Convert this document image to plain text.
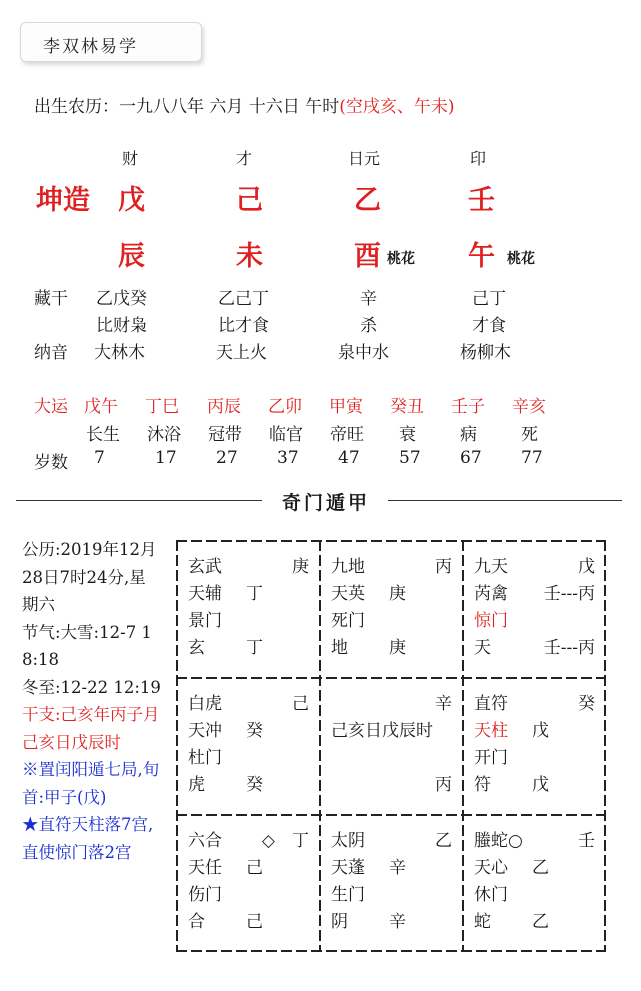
李双林易学
出生农历：一九八八年 六月 十六日 午时(空戌亥、午未)
财	才	日元	印
坤造 戊	己	乙	壬
辰	未	酉 桃花 午 桃花
藏干 乙戊癸	乙己丁	辛	己丁
比财枭	比才食	杀	才食
纳音 大林木	天上火	泉中水	杨柳木
大运 戊午 丁巳 丙辰 乙卯 甲寅 癸丑 壬子 辛亥
长生 沐浴 冠带 临官 帝旺 衰	病	死
岁数 7	17 27 37 47 57 67 77
奇门遁甲
公历:2019年12月28日7时24分,星期六
节气:大雪:12-7 18:18
冬至:12-22 12:19
干支:己亥年丙子月 己亥日戊辰时
※置闰阳遁七局,旬首:甲子(戊)
★直符天柱落7宫,直使惊门落2宫
玄武	庚
天辅 丁
景门
玄 丁
九地	丙
天英 庚
死门
地 庚
九天	戊
芮禽 壬---丙
惊门
天	壬---丙
白虎	己
天冲 癸
杜门
虎 癸
辛
己亥日戊辰时
丙
直符	癸
天柱 戊
开门
符 戊
六合 ◇　丁
天任 己
伤门
合 己
太阴	乙
天蓬 辛
生门
阴 辛
螣蛇○	壬
天心 乙
休门
蛇 乙
